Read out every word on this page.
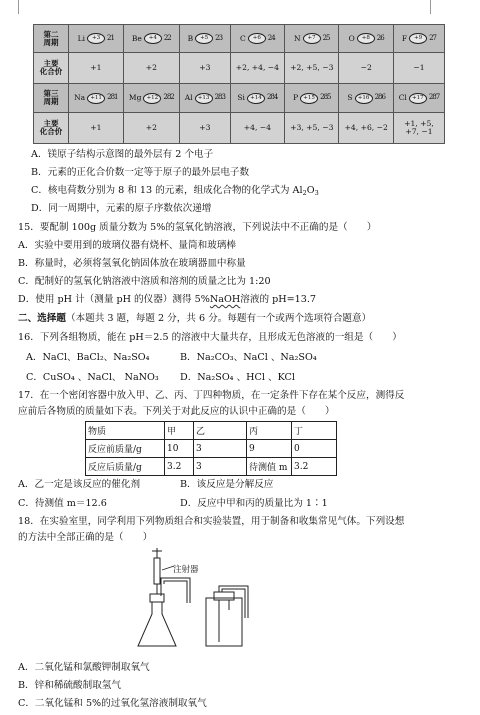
第二
周期	Li +3 21	Be +4 22	B +5 23	C +6 24	N +7 25	O +8 26	F +9 27

主要
化合价	+1	+2	+3	+2, +4, −4	+2, +5, −3	−2	−1
第三
周期	Na +11 281	Mg +12 282	Al +13 283	Si +14 284	P +15 285	S +16 286	Cl +17 287

主要
化合价	+1	+2	+3	+4, −4	+3, +5, −3	+4, +6, −2	+1, +5,
+7, −1
A．镁原子结构示意图的最外层有 2 个电子
B．元素的正化合价数一定等于原子的最外层电子数
C．核电荷数分别为 8 和 13 的元素，组成化合物的化学式为 $Al_2O_3$
D．同一周期中，元素的原子序数依次递增
15．要配制 100g 质量分数为 5%的氢氧化钠溶液，下列说法中不正确的是（　　）
A．实验中要用到的玻璃仪器有烧杯、量筒和玻璃棒
B．称量时，必须将氢氧化钠固体放在玻璃器皿中称量
C．配制好的氢氧化钠溶液中溶质和溶剂的质量之比为 1:20
D．使用 pH 计（测量 pH 的仪器）测得 5%NaOH溶液的 pH=13.7
二、选择题（本题共 3 题，每题 2 分，共 6 分。每题有一个或两个选项符合题意）
16．下列各组物质，能在 pH＝2.5 的溶液中大量共存，且形成无色溶液的一组是（　　）
A．NaCl、BaCl₂、Na₂SO₄	B．Na₂CO₃、NaCl 、Na₂SO₄
C．CuSO₄ 、NaCl、 NaNO₃ D．Na₂SO₄ 、HCl 、KCl
17．在一个密闭容器中放入甲、乙、丙、丁四种物质，在一定条件下存在某个反应，测得反
应前后各物质的质量如下表。下列关于对此反应的认识中正确的是（　　）
物质	甲	乙	丙	丁
反应前质量/g	10	3	9	0
反应后质量/g	3.2	3	待测值 m	3.2
A．乙一定是该反应的催化剂	B．该反应是分解反应
C．待测值 m＝12.6	D．反应中甲和丙的质量比为 1∶1
18．在实验室里，同学利用下列物质组合和实验装置，用于制备和收集常见气体。下列设想
的方法中全部正确的是（　　）
注射器
A．二氧化锰和氯酸钾制取氧气
B．锌和稀硫酸制取氢气
C．二氧化锰和 5%的过氧化氢溶液制取氧气
